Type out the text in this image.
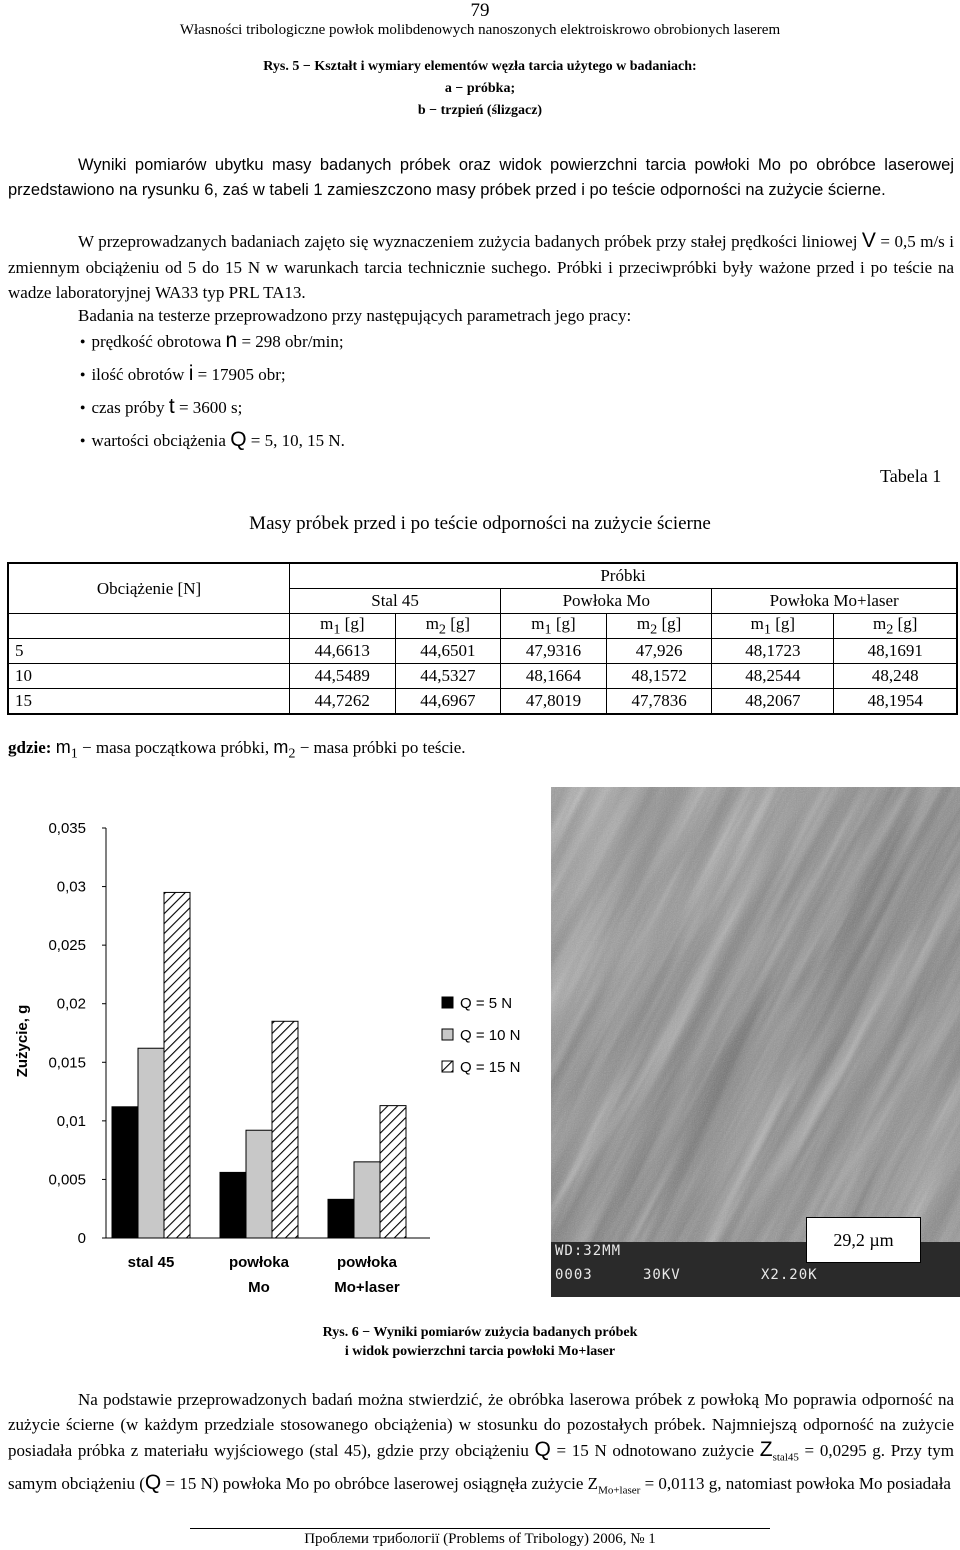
79
Własności tribologiczne powłok molibdenowych nanoszonych elektroiskrowo obrobionych laserem
Rys. 5 − Kształt i wymiary elementów węzła tarcia użytego w badaniach:
a − próbka;
b − trzpień (ślizgacz)
Wyniki pomiarów ubytku masy badanych próbek oraz widok powierzchni tarcia powłoki Mo po obróbce laserowej przedstawiono na rysunku 6, zaś w tabeli 1 zamieszczono masy próbek przed i po teście odporności na zużycie ścierne.
W przeprowadzanych badaniach zajęto się wyznaczeniem zużycia badanych próbek przy stałej prędkości liniowej V = 0,5 m/s i zmiennym obciążeniu od 5 do 15 N w warunkach tarcia technicznie suchego. Próbki i przeciwpróbki były ważone przed i po teście na wadze laboratoryjnej WA33 typ PRL TA13.
Badania na testerze przeprowadzono przy następujących parametrach jego pracy:
● prędkość obrotowa n = 298 obr/min;
● ilość obrotów i = 17905 obr;
● czas próby t = 3600 s;
● wartości obciążenia Q = 5, 10, 15 N.
Tabela 1
Masy próbek przed i po teście odporności na zużycie ścierne
Obciążenie [N]	Próbki					
	Stal 45		Powłoka Mo		Powłoka Mo+laser	
	$m_1$ [g]	$m_2$ [g]	$m_1$ [g]	$m_2$ [g]	$m_1$ [g]	$m_2$ [g]
5	44,6613	44,6501	47,9316	47,926	48,1723	48,1691
10	44,5489	44,5327	48,1664	48,1572	48,2544	48,248
15	44,7262	44,6967	47,8019	47,7836	48,2067	48,1954
gdzie: $m_1$ − masa początkowa próbki, $m_2$ − masa próbki po teście.
0
0,005
0,01
0,015
0,02
0,025
0,03
0,035
Zużycie, g
stal 45	powłoka
Mo
powłoka
Mo+laser
Q = 5 N
Q = 10 N
Q = 15 N
WD:32MM
0003	30KV	X2.20K
29,2 µm
Rys. 6 − Wyniki pomiarów zużycia badanych próbek
i widok powierzchni tarcia powłoki Mo+laser
Na podstawie przeprowadzonych badań można stwierdzić, że obróbka laserowa próbek z powłoką Mo poprawia odporność na zużycie ścierne (w każdym przedziale stosowanego obciążenia) w stosunku do pozostałych próbek. Najmniejszą odporność na zużycie posiadała próbka z materiału wyjściowego (stal 45), gdzie przy obciążeniu Q = 15 N odnotowano zużycie $Z_{stal45} = 0,0295$ g. Przy tym samym obciążeniu (Q = 15 N) powłoka Mo po obróbce laserowej osiągnęła zużycie $Z_{Mo+laser} = 0,0113$ g, natomiast powłoka Mo posiadała
Проблеми трибології (Problems of Tribology) 2006, № 1
